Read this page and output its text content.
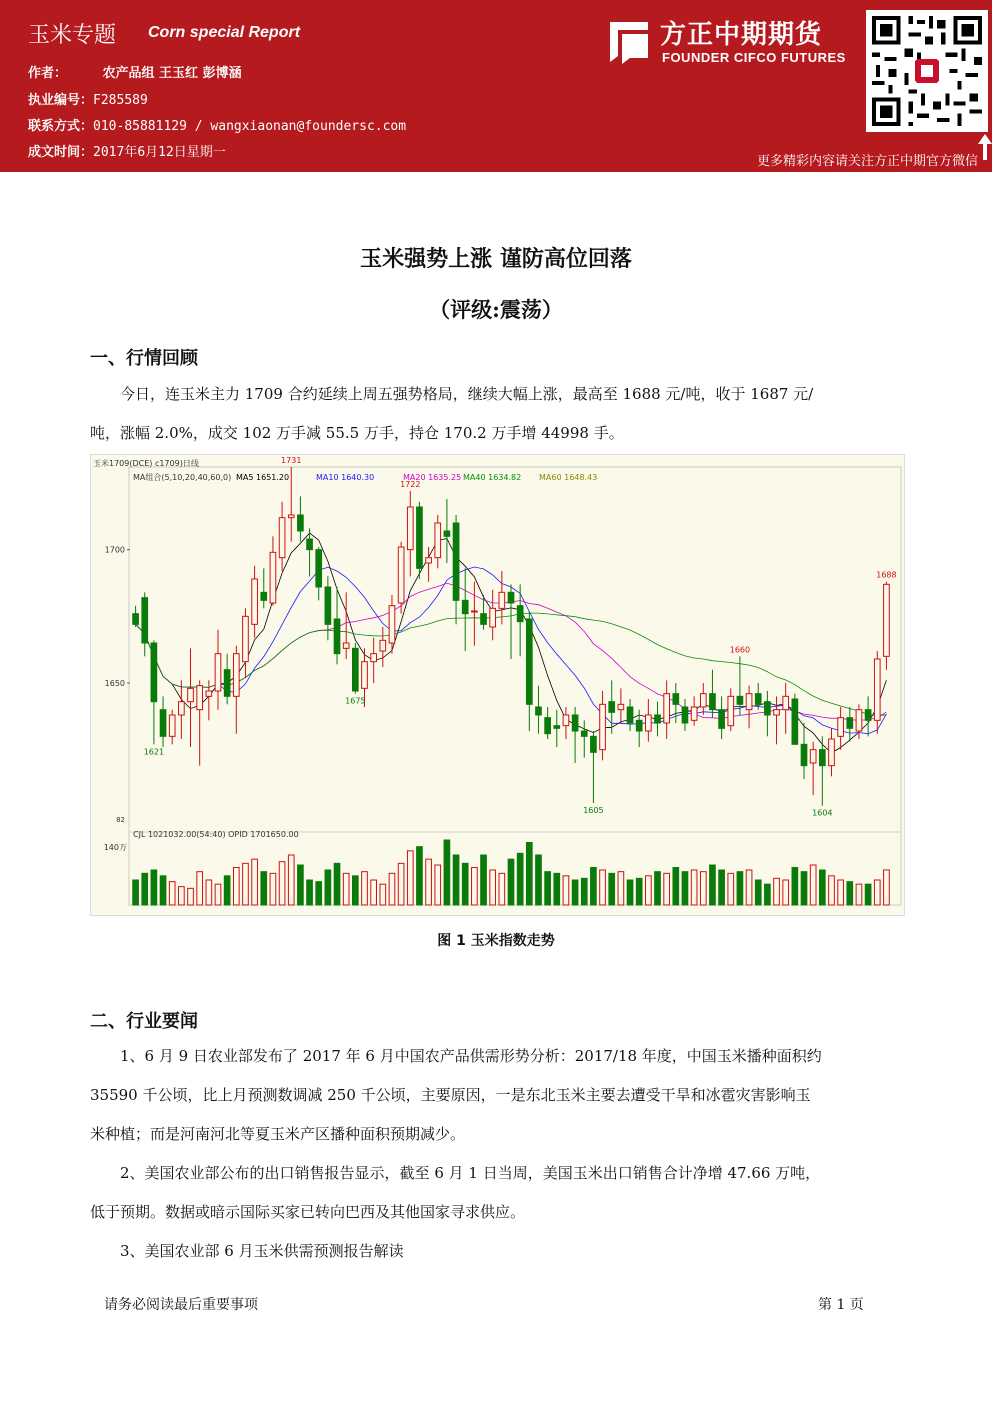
玉米专题 Corn special Report
作者：	农产品组 王玉红 彭博涵
执业编号：F285589
联系方式：010-85881129 / wangxiaonan@foundersc.com
成文时间：2017年6月12日星期一
方正中期期货
FOUNDER CIFCO FUTURES
更多精彩内容请关注方正中期官方微信
玉米强势上涨 谨防高位回落
（评级:震荡）
一、行情回顾
今日，连玉米主力 1709 合约延续上周五强势格局，继续大幅上涨，最高至 1688 元/吨，收于 1687 元/
吨，涨幅 2.0%，成交 102 万手减 55.5 万手，持仓 170.2 万手增 44998 手。
玉米1709(DCE) c1709)日线
MA组合(5,10,20,40,60,0) MA5 1651.20	MA10 1640.30	MA20 1635.25 MA40 1634.82 MA60 1648.43
1700
1650
1731
1722
1675
1621
1605
1660
1604
1688
82
CJL 1021032.00(54:40) OPID 1701650.00
140万
图 1 玉米指数走势
二、行业要闻
1、6 月 9 日农业部发布了 2017 年 6 月中国农产品供需形势分析：2017/18 年度，中国玉米播种面积约
35590 千公顷，比上月预测数调减 250 千公顷，主要原因，一是东北玉米主要去遭受干旱和冰雹灾害影响玉
米种植；而是河南河北等夏玉米产区播种面积预期减少。
2、美国农业部公布的出口销售报告显示，截至 6 月 1 日当周，美国玉米出口销售合计净增 47.66 万吨，
低于预期。数据或暗示国际买家已转向巴西及其他国家寻求供应。
3、美国农业部 6 月玉米供需预测报告解读
请务必阅读最后重要事项	第 1 页
